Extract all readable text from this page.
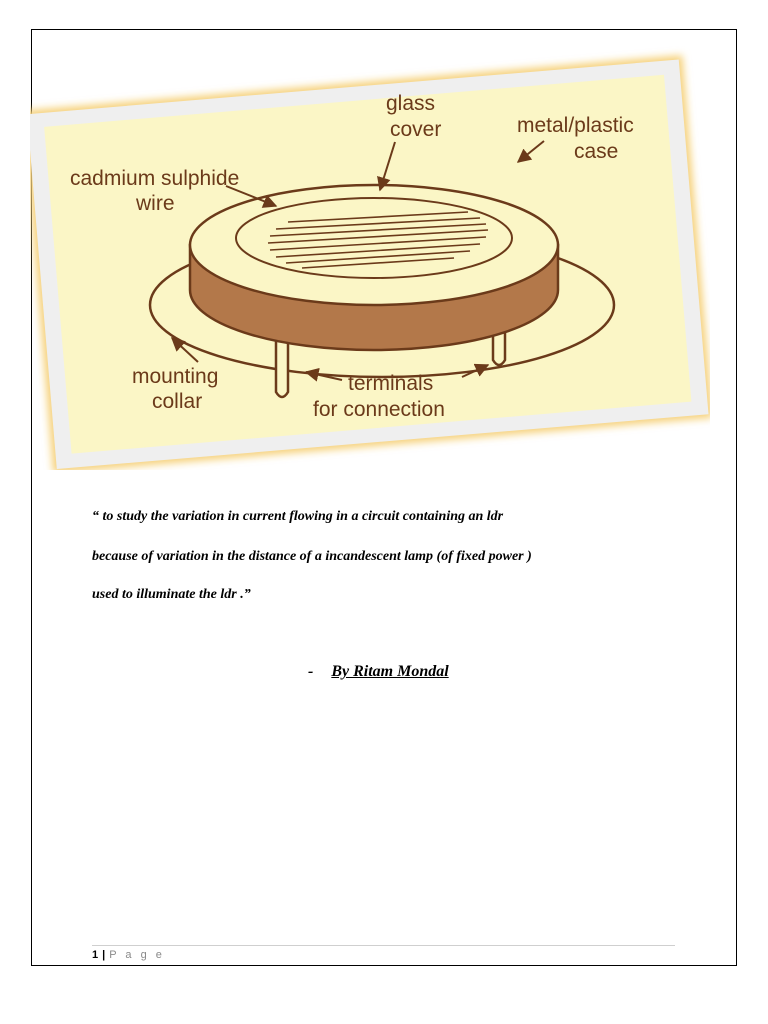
glass
cover	metal/plastic
case
cadmium sulphide
wire
mounting
collar
terminals
for connection
“ to study the variation in current flowing in a circuit containing an ldr
because of variation in the distance of a incandescent lamp (of fixed power )
used to illuminate the ldr .”
- By Ritam Mondal
1 | P a g e
